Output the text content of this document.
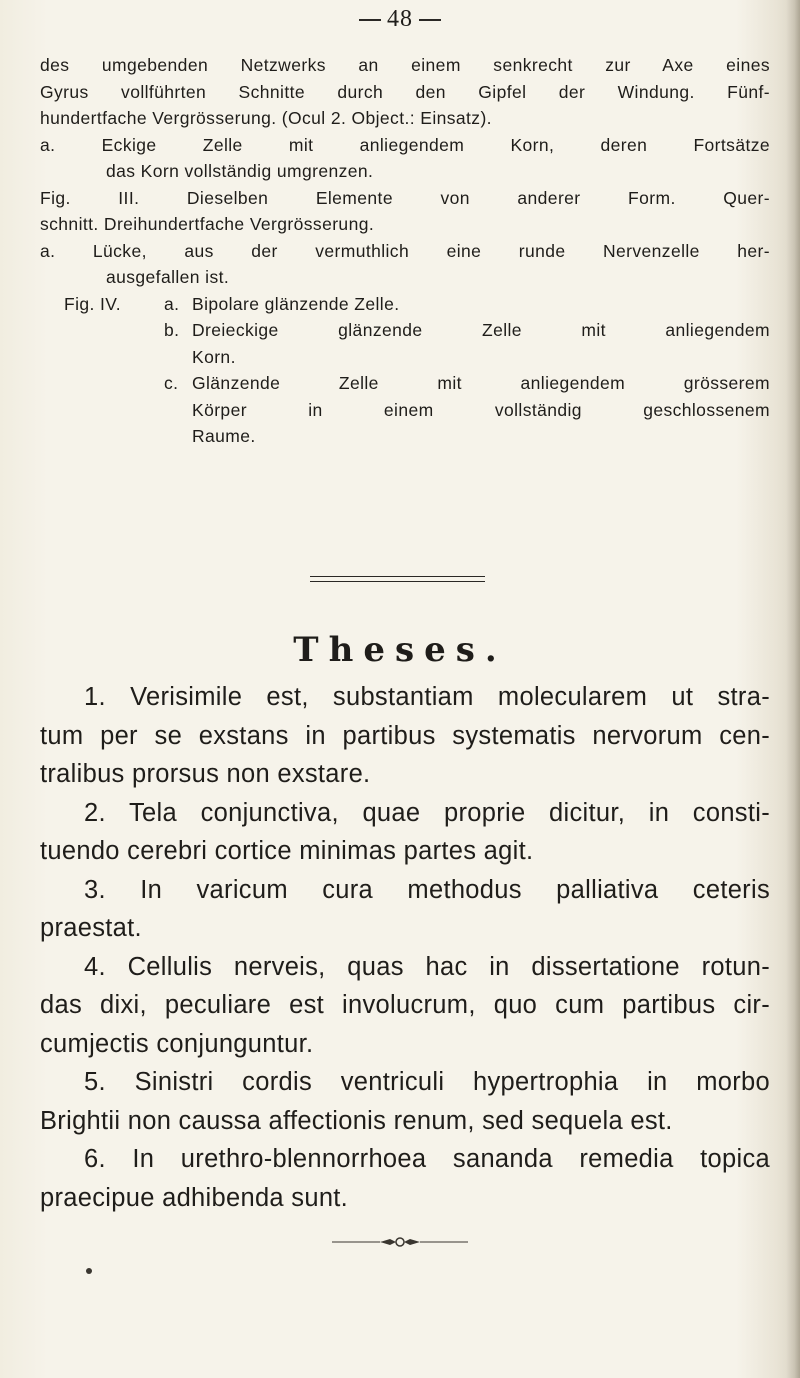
48

des umgebenden Netzwerks an einem senkrecht zur Axe eines

Gyrus vollführten Schnitte durch den Gipfel der Windung. Fünf-

hundertfache Vergrösserung. (Ocul 2. Object.: Einsatz).

a. Eckige Zelle mit anliegendem Korn, deren Fortsätze

das Korn vollständig umgrenzen.

Fig. III. Dieselben Elemente von anderer Form. Quer-

schnitt. Dreihundertfache Vergrösserung.

a. Lücke, aus der vermuthlich eine runde Nervenzelle her-

ausgefallen ist.

Fig. IV.	a. Bipolare glänzende Zelle.
b. Dreieckige glänzende Zelle mit anliegendem
Korn.
c. Glänzende Zelle mit anliegendem grösserem
Körper in einem vollständig geschlossenem
Raume.
Theses.

1. Verisimile est, substantiam molecularem ut stra-

tum per se exstans in partibus systematis nervorum cen-

tralibus prorsus non exstare.

2. Tela conjunctiva, quae proprie dicitur, in consti-

tuendo cerebri cortice minimas partes agit.

3. In varicum cura methodus palliativa ceteris

praestat.

4. Cellulis nerveis, quas hac in dissertatione rotun-

das dixi, peculiare est involucrum, quo cum partibus cir-

cumjectis conjunguntur.

5. Sinistri cordis ventriculi hypertrophia in morbo

Brightii non caussa affectionis renum, sed sequela est.

6. In urethro-blennorrhoea sananda remedia topica

praecipue adhibenda sunt.
